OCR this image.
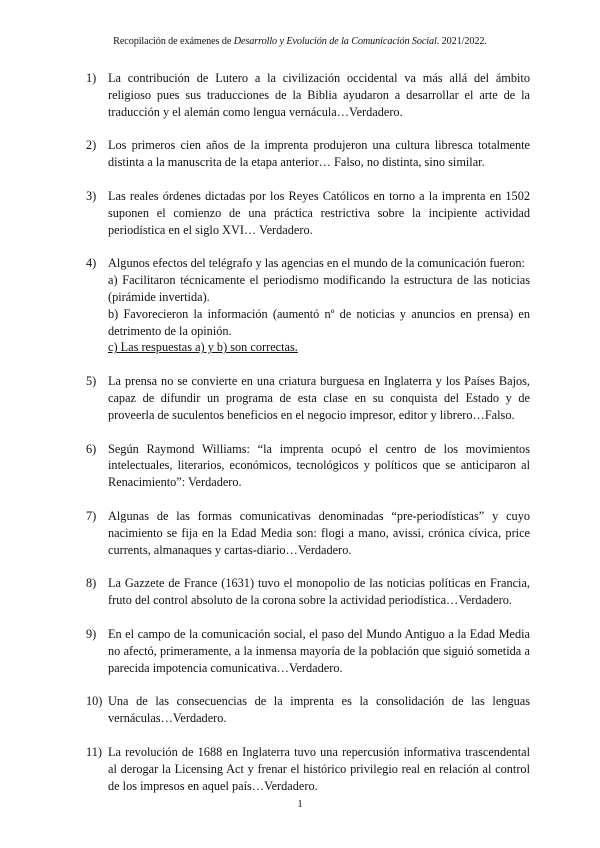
Recopilación de exámenes de Desarrollo y Evolución de la Comunicación Social. 2021/2022.
1) La contribución de Lutero a la civilización occidental va más allá del ámbito religioso pues sus traducciones de la Biblia ayudaron a desarrollar el arte de la traducción y el alemán como lengua vernácula…Verdadero.
2) Los primeros cien años de la imprenta produjeron una cultura libresca totalmente distinta a la manuscrita de la etapa anterior… Falso, no distinta, sino similar.
3) Las reales órdenes dictadas por los Reyes Católicos en torno a la imprenta en 1502 suponen el comienzo de una práctica restrictiva sobre la incipiente actividad periodística en el siglo XVI… Verdadero.
4) Algunos efectos del telégrafo y las agencias en el mundo de la comunicación fueron:
a) Facilitaron técnicamente el periodismo modificando la estructura de las noticias (pirámide invertida).
b) Favorecieron la información (aumentó nº de noticias y anuncios en prensa) en detrimento de la opinión.
c) Las respuestas a) y b) son correctas.
5) La prensa no se convierte en una criatura burguesa en Inglaterra y los Países Bajos, capaz de difundir un programa de esta clase en su conquista del Estado y de proveerla de suculentos beneficios en el negocio impresor, editor y librero…Falso.
6) Según Raymond Williams: “la imprenta ocupó el centro de los movimientos intelectuales, literarios, económicos, tecnológicos y políticos que se anticiparon al Renacimiento”: Verdadero.
7) Algunas de las formas comunicativas denominadas “pre-periodísticas” y cuyo nacimiento se fija en la Edad Media son: flogi a mano, avissi, crónica cívica, price currents, almanaques y cartas-diario…Verdadero.
8) La Gazzete de France (1631) tuvo el monopolio de las noticias políticas en Francia, fruto del control absoluto de la corona sobre la actividad periodística…Verdadero.
9) En el campo de la comunicación social, el paso del Mundo Antiguo a la Edad Media no afectó, primeramente, a la inmensa mayoría de la población que siguió sometida a parecida impotencia comunicativa…Verdadero.
10) Una de las consecuencias de la imprenta es la consolidación de las lenguas vernáculas…Verdadero.
11) La revolución de 1688 en Inglaterra tuvo una repercusión informativa trascendental al derogar la Licensing Act y frenar el histórico privilegio real en relación al control de los impresos en aquel país…Verdadero.
1
